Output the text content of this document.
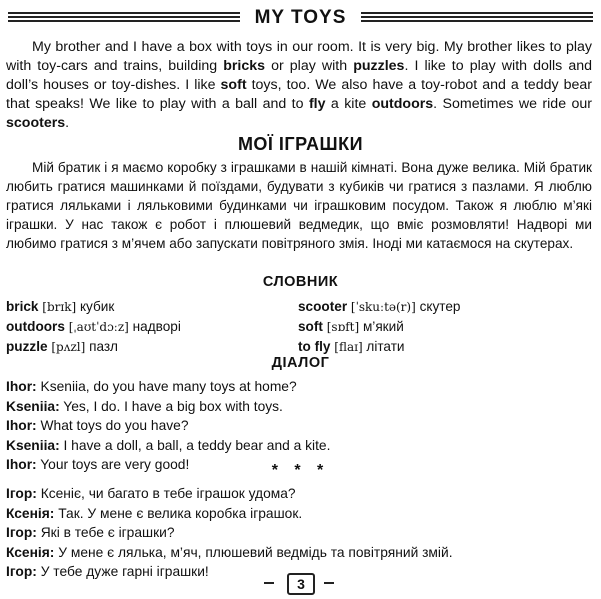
MY TOYS

My brother and I have a box with toys in our room. It is very big. My brother likes to play with toy-cars and trains, building bricks or play with puzzles. I like to play with dolls and doll’s houses or toy-dishes. I like soft toys, too. We also have a toy-robot and a teddy bear that speaks! We like to play with a ball and to fly a kite outdoors. Sometimes we ride our scooters.

МОЇ ІГРАШКИ

Мій братик і я маємо коробку з іграшками в нашій кімнаті. Вона дуже велика. Мій братик любить гратися машинками й поїздами, будувати з кубиків чи гратися з пазлами. Я люблю гратися ляльками і ляльковими будинками чи іграшковим посудом. Також я люблю м’які іграшки. У нас також є робот і плюшевий ведмедик, що вміє розмовляти! Надворі ми любимо гратися з м’ячем або запускати повітряного змія. Іноді ми катаємося на скутерах.

СЛОВНИК
brick [brɪk] кубик
outdoors [ˌaʊtˈdɔːz] надворі
puzzle [pʌzl] пазл
scooter [ˈskuːtə(r)] скутер
soft [sɒft] м’який
to fly [flaɪ] літати
ДІАЛОГ
Ihor: Kseniia, do you have many toys at home?
Kseniia: Yes, I do. I have a big box with toys.
Ihor: What toys do you have?
Kseniia: I have a doll, a ball, a teddy bear and a kite.
Ihor: Your toys are very good!	* * *
Ігор: Ксеніє, чи багато в тебе іграшок удома?
Ксенія: Так. У мене є велика коробка іграшок.
Ігор: Які в тебе є іграшки?
Ксенія: У мене є лялька, м’яч, плюшевий ведмідь та повітряний змій.
Ігор: У тебе дуже гарні іграшки!
3
